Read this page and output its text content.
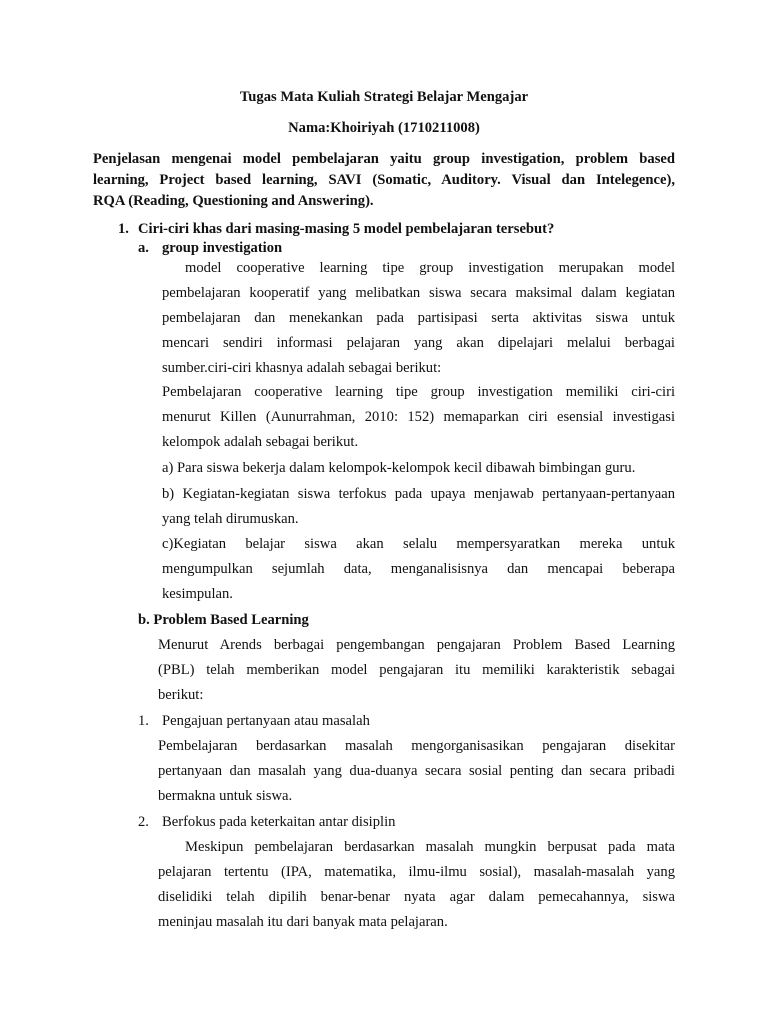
Tugas Mata Kuliah Strategi Belajar Mengajar
Nama:Khoiriyah (1710211008)
Penjelasan mengenai model pembelajaran yaitu group investigation, problem based
learning, Project based learning, SAVI (Somatic, Auditory. Visual dan Intelegence),
RQA (Reading, Questioning and Answering).
1. Ciri-ciri khas dari masing-masing 5 model pembelajaran tersebut?
a. group investigation
model cooperative learning tipe group investigation merupakan model
pembelajaran kooperatif yang melibatkan siswa secara maksimal dalam kegiatan
pembelajaran dan menekankan pada partisipasi serta aktivitas siswa untuk
mencari sendiri informasi pelajaran yang akan dipelajari melalui berbagai
sumber.ciri-ciri khasnya adalah sebagai berikut:
Pembelajaran cooperative learning tipe group investigation memiliki ciri-ciri
menurut Killen (Aunurrahman, 2010: 152) memaparkan ciri esensial investigasi
kelompok adalah sebagai berikut.
a) Para siswa bekerja dalam kelompok-kelompok kecil dibawah bimbingan guru.
b) Kegiatan-kegiatan siswa terfokus pada upaya menjawab pertanyaan-pertanyaan
yang telah dirumuskan.
c)Kegiatan belajar siswa akan selalu mempersyaratkan mereka untuk
mengumpulkan sejumlah data, menganalisisnya dan mencapai beberapa
kesimpulan.
b. Problem Based Learning
Menurut Arends berbagai pengembangan pengajaran Problem Based Learning
(PBL) telah memberikan model pengajaran itu memiliki karakteristik sebagai
berikut:
1. Pengajuan pertanyaan atau masalah
Pembelajaran berdasarkan masalah mengorganisasikan pengajaran disekitar
pertanyaan dan masalah yang dua-duanya secara sosial penting dan secara pribadi
bermakna untuk siswa.
2. Berfokus pada keterkaitan antar disiplin
Meskipun pembelajaran berdasarkan masalah mungkin berpusat pada mata
pelajaran tertentu (IPA, matematika, ilmu-ilmu sosial), masalah-masalah yang
diselidiki telah dipilih benar-benar nyata agar dalam pemecahannya, siswa
meninjau masalah itu dari banyak mata pelajaran.
